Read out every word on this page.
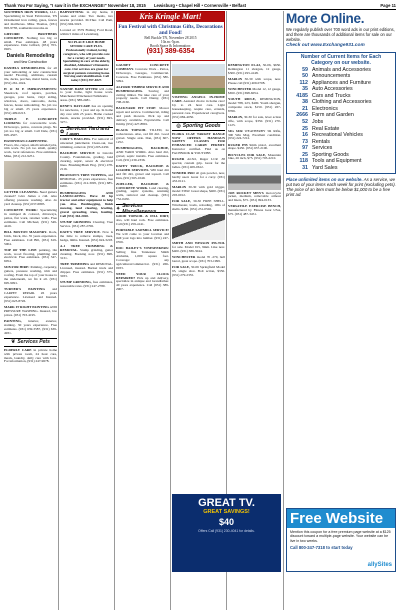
Thank You For Saying, "I saw it in the EXCHANGE!" November 18, 2015	Lewisburg • Chapel Hill • Cornersville • Belfast	Page 11
SOUTHERN IRON WORKS, LLC. Specializing in Steel Fabrication, TN Ornamental iron railing, gates, fences and mailboxes. Mike Thomas, (931) 993-9738, southernironworks.us
GIFFORD BROTHERS CONCRETE. Nothing too big or small. Free estimates. 48 years experience. Dale Gifford, (931) 703-0925.
Daniels Remodeling
and New Construction
DANIELS REMODELING for all your remodeling or new construction needs! Flooring, additions, custom tile, decks, porches, metal barns, rock. (931) 261-1024.
H O M E IMPROVEMENTS: Sheetrock, roof repairs, porches, garages, pole barns, vinyl siding, windows, doors, sunrooms, decks, fences, house remodeling. No job too big or small. 25 years experience. (931) 409-0213.
TRIPLE E CONCRETE LOOKING for concrete/tile work. Driveways, patios, concrete plugs. No job too big or small. Call Dale, (931) 695-4507.
HANDYMAN-CARPENTER. Floors, tile, carpet, small remodel jobs, trim work. No job too small, quality work, local references. Free estimates. Mike, (931) 212-9251.
GUTTER CLEANING. Need gutters cleaned? Give James a call. Also offering pressure washing. Also do yard cleanup. (931) 637-6895.
CONCRETE WORK: Specializing in stamped & colored, driveways, patios, flat work, retainer walls. Free estimates. Call Michael, (931) 349-4416.
BILL BOSTON MASONRY- Rock, brick, block, tile. 35 years experience. Free estimates. Call Bill, (931) 619-5004.
TOP OF THE LINE painting, tile work, wood flooring, plumbing and electrical. Free estimates. (931) 347-6054.
SUB FOR HIRE: Painting, carpentry, gutters, pressure washing, trim and roofing. From the top of your house to the underneath, we fix it all. (931) 695-9091.
TURNER'S PAINTING and CARPET REPAIR. 26 years experience. Licensed and Insured. (931) 623-8726.
MARK IT RIGHT PAINTING AND PRESSURE WASHING. Insured, low prices. (931) 703-4195.
PAINTING, interior, exterior, staining. 30 years experience. Free estimates. (931) 639-3587, (931) 639-4931.
❦ Services Pets
ELDERLY CARE in private home with private room, 24 hour care, meals, laundry, daily care with love. For information, (931) 247-9678.
BABYSITTING in my home, 6 weeks and older. Two meals, two snacks provided. M-Thur. Call Pam, (931) 994-5023.
Located at: 3579 Fishing Ford Road, within 5 miles of Lewisburg.
NO PLACE LIKE HOME SENIOR CARE PLUS. Professionally trained, loving caregivers, who will provide care for a variety of your needs. Specializing in care of the elderly, disabled, Alzheimer's/Dementia care. Our services are great for surgical patients returning home. Nursing and rehabilitation. Call today! (931) 397-4827.
NANNIE BABY SITTER will come to your home, light house work. Manchester/Winchester/Tullahoma areas. (931) 588-2481.
RENE'S DAYCARE has an opening for newborns, 1 year and up. In home day care with 25 years. Home cooked meals, snacks provided. (931) 693-3271.
✿ Services Yard and Lawn
CORY'S HAULING. For removal of unwanted junk/metal. Clean-out, tree trimming, removal. (931) 205-2430.
BACKHOE SERVICE in Lincoln County. Foundations, grading, land clearing, septic, sewer & electrical lines. Brushing/Bush Hog. (931) 478-2116.
BRANSON'S TREE TOPPING, and REMOVAL. 25 years experience, free estimates. (931) 212-3095, (931) 685-6200.
BUSHHOGGING AND LANDSCAPING. Have 40 hp tractor and other equipment to help you. Also. Bushhogging, finish mowing, land clearing, leveling, gravel spreading, trees, hauling. Call (931) 364-2020.
STUMP GRINDING Clearing. Tree Service. (931) 287-2706.
DAVE'S TREE SERVICE. Now is the time to remove stumps, trees, hedge, limbs. Insured. (931) 624-3218.
A-1 TREE TRIMMING & REMOVAL. Stump grinding, gutter cleaning. Booking now. (931) 698-3131.
TREE TRIMMING and REMOVAL. Licensed, insured. Bucket truck and chipper. Free estimates. (931) 375-3033.
STUMP GRINDING, free estimates, reasonable rates. (931) 247-2780.
Kris Kringle Mart!
Fun Festival with Christmas Gifts, Decorations and Food!
Bell Buckle TN, November 28 2015
10a.m.-5p.m.
Booth Space & Information:
(931) 389-6354
GAUDET CONCRETE COMPANY. Concrete Work - Patios, Driveways, Garages, Commercial. Concrete. Free Estimates. (931) 580-5094.
ALFORD TIMBER SERVICE AND BUSHHOGGING. Sawing and cutting timber. We take care of your property needs. Call Danny, (931) 708-2160.
BACKYARD PIT STOP: Mower repair and service. Commercial, riding and push mowers. Pick up and delivery available. Fayetteville. Call Jimmy (931) 427-8891.
BLACK TOPSOIL TILLED, no rocks/stones. Also, red fill dirt. Good gravel. Single axle. Dan, (931) 607-1252.
BUSHHOGGING, BACKHOE, AND YARD WORK. Also haul dirt, gravel, septic installs. Free estimates. Call, (931) 239-2336.
DAVEY TRUCK, BACKHOE & LOADER SERVICES. Will haul dirt and fill dirt, gravel and topsoil. Call Dan, (931) 565-1049.
ZOELLER, BACKHOE & CONCRETE WORK. Land clearing, grading, septic systems, retaining walls, removal and cleanup. (931) 752-0450.
✦ Services Miscellaneous
GOOD TOPSOIL & FILL DIRT, also, will haul rock. Free estimates. Call (931) 259-4141.
PORTABLE SAWMILL SERVICE! We will come to your location and mill your logs into lumber. (931) 247-0356.
DOC BAILEY'S VINESEEKERS: Selling fine Tennessee Smith Alabama, 1,000 square foot. Coverage: any agricultural/commercial. (931) 266-0033.
NEED YOUR CLOCK REPAIRED? Pick up and delivery, specialize in antique and Grandfather. 40 years experience. Call (931) 389-2907.
VISITING ANGELS IN-HOME CARE. Assisted choice in home care! Up to 24 hour care. Light housekeeping, respite care, errands, personal care. Experienced caregivers. (931) 684-4050.
◎ Sporting Goods
ELORA CLAY TARGET RANGE NOW OFFERS HANDGUN SAFETY CLASSES FOR ENHANCED CARRY PERMIT. Instructor certified. Find us on FACEBOOK & YOUTUBE.
RUGER ALSO, Ruger LCR .38 special, custom grip. Great for the ladies. (931) 409-0612.
WINDER PRO all gun powder, new, hardly used. Great for a carry. (931) 433-0121.
MARLIN 30-30 with gold trigger, model 336W. Great shape, $400. (931) 203-6012.
FOR SALE, 30-30 FREE SHELL. Winchester, loads, reloading, 100s of shells. $450. (931) 231-0502.
SMITH AND WESSON PIS-TOL for sale. Model 915, 9mm. Like new. $400. (931) 389-3044.
WINCHESTER model 70 .270, bull barrel, great scope. (931) 703-1999.
FOR SALE, 30-06 Springfield Model 95, single shot. Bolt action, $350. (931) 279-2355.
REMINGTON 03-A3, 30-06, $650. Remington 11 shotgun, 12 gauge, $300. (931) 293-4148.
MARLIN 30-30 with scope, new. Please call (931) 409-0708.
WINCHESTER Model 12, 12 gauge, $650. (931) 698-6054.
YOUTH RIFLE, REMINGTON, model 788, 223, $400. Youth shotgun, composite stock, $150. (931) 267-8766.
MARLIN, 30-30 for sale, lever action rifle, with scope, $350. (931) 270-1125.
SIG SUR WEATHERBY 5R Rifle, 300 Win Mag. Excellent condition. (931) 224-7212.
RUGER P95 9mm pistol, excellent shape. $450. (931) 637-2100.
BICYCLES FOR SALE, Mountain bike, 26 inch, $75. (931) 703-2210.
JOE ROCKET MEN'S motorcycle jacket, medium, removable armour and liners, $75. (931) 994-0133.
VERSATILE EXERCISE BENCH, manufactured by Fitness Gear USA, $75. (931) 487-3451.
More Online.
We regularly publish over 700 word ads in our print editions, and there are thousands of additional items for sale on our website.
Check out www.Exchange931.com
Number of Current Items for Each Category on our website.
59 Animals and Accessories
50 Announcements
112 Appliances and Furniture
35 Auto Accessories
4185 Cars and Trucks
38 Clothing and Accessories
21 Electronics
2666 Farm and Garden
52 Jobs
25 Real Estate
16 Recreational Vehicles
73 Rentals
97 Services
25 Sporting Goods
118 Tools and Equipment
31 Yard Sales
Place unlimited items on our website. As a service, we put two of your items each week for print (excluding pets). The price of an item must be below $1,000 to be a free print ad.
GREAT TV.
GREAT SAVINGS!
$40
Offers Call (931) 230-4041 for details.
Free Website
Mention this coupon for a free premium page website at a $125 discount toward a multiple-page website. Your website can be live in two weeks.
Call 800-247-7318 to start today
allySites
